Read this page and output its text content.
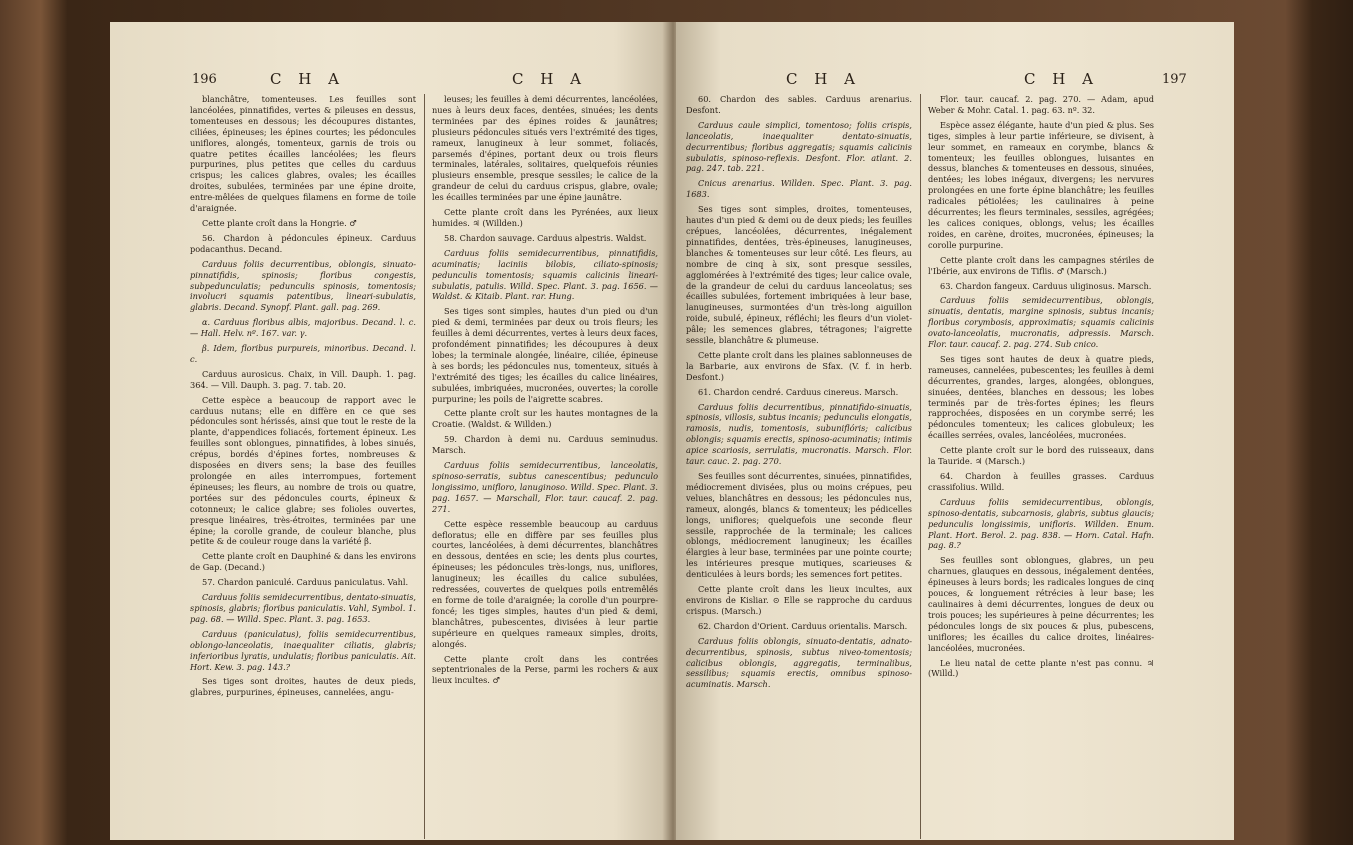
196	C H A	C H A

blanchâtre, tomenteuses. Les feuilles sont lancéolées, pinnatifides, vertes & pileuses en dessus, tomenteuses en dessous; les découpures distantes, ciliées, épineuses; les épines courtes; les pédoncules uniflores, alongés, tomenteux, garnis de trois ou quatre petites écailles lancéolées; les fleurs purpurines, plus petites que celles du carduus crispus; les calices glabres, ovales; les écailles droites, subulées, terminées par une épine droite, entre-mêlées de quelques filamens en forme de toile d'araignée.

Cette plante croît dans la Hongrie. ♂

56. Chardon à pédoncules épineux. Carduus podacanthus. Decand.

Carduus foliis decurrentibus, oblongis, sinuato-pinnatifidis, spinosis; floribus congestis, subpedunculatis; pedunculis spinosis, tomentosis; involucri squamis patentibus, lineari-subulatis, glabris. Decand. Synopf. Plant. gall. pag. 269.

α. Carduus floribus albis, majoribus. Decand. l. c. — Hall. Helv. nº. 167. var. γ.

β. Idem, floribus purpureis, minoribus. Decand. l. c.

Carduus aurosicus. Chaix, in Vill. Dauph. 1. pag. 364. — Vill. Dauph. 3. pag. 7. tab. 20.

Cette espèce a beaucoup de rapport avec le carduus nutans; elle en diffère en ce que ses pédoncules sont hérissés, ainsi que tout le reste de la plante, d'appendices foliacés, fortement épineux. Les feuilles sont oblongues, pinnatifides, à lobes sinués, crépus, bordés d'épines fortes, nombreuses & disposées en divers sens; la base des feuilles prolongée en ailes interrompues, fortement épineuses; les fleurs, au nombre de trois ou quatre, portées sur des pédoncules courts, épineux & cotonneux; le calice glabre; ses folioles ouvertes, presque linéaires, très-étroites, terminées par une épine; la corolle grande, de couleur blanche, plus petite & de couleur rouge dans la variété β.

Cette plante croît en Dauphiné & dans les environs de Gap. (Decand.)

57. Chardon paniculé. Carduus paniculatus. Vahl.

Carduus foliis semidecurrentibus, dentato-sinuatis, spinosis, glabris; floribus paniculatis. Vahl, Symbol. 1. pag. 68. — Willd. Spec. Plant. 3. pag. 1653.

Carduus (paniculatus), foliis semidecurrentibus, oblongo-lanceolatis, inaequaliter ciliatis, glabris; inferioribus lyratis, undulatis; floribus paniculatis. Ait. Hort. Kew. 3. pag. 143.?

Ses tiges sont droites, hautes de deux pieds, glabres, purpurines, épineuses, cannelées, angu-

leuses; les feuilles à demi décurrentes, lancéolées, nues à leurs deux faces, dentées, sinuées; les dents terminées par des épines roides & jaunâtres; plusieurs pédoncules situés vers l'extrémité des tiges, rameux, lanugineux à leur sommet, foliacés, parsemés d'épines, portant deux ou trois fleurs terminales, latérales, solitaires, quelquefois réunies plusieurs ensemble, presque sessiles; le calice de la grandeur de celui du carduus crispus, glabre, ovale; les écailles terminées par une épine jaunâtre.

Cette plante croît dans les Pyrénées, aux lieux humides. ♃ (Willden.)

58. Chardon sauvage. Carduus alpestris. Waldst.

Carduus foliis semidecurrentibus, pinnatifidis, acuminatis; laciniis bilobis, ciliato-spinosis; pedunculis tomentosis; squamis calicinis lineari-subulatis, patulis. Willd. Spec. Plant. 3. pag. 1656. — Waldst. & Kitaib. Plant. rar. Hung.

Ses tiges sont simples, hautes d'un pied ou d'un pied & demi, terminées par deux ou trois fleurs; les feuilles à demi décurrentes, vertes à leurs deux faces, profondément pinnatifides; les découpures à deux lobes; la terminale alongée, linéaire, ciliée, épineuse à ses bords; les pédoncules nus, tomenteux, situés à l'extrémité des tiges; les écailles du calice linéaires, subulées, imbriquées, mucronées, ouvertes; la corolle purpurine; les poils de l'aigrette scabres.

Cette plante croît sur les hautes montagnes de la Croatie. (Waldst. & Willden.)

59. Chardon à demi nu. Carduus seminudus. Marsch.

Carduus foliis semidecurrentibus, lanceolatis, spinoso-serratis, subtus canescentibus; pedunculo longissimo, unifloro, lanuginoso. Willd. Spec. Plant. 3. pag. 1657. — Marschall, Flor. taur. caucaf. 2. pag. 271.

Cette espèce ressemble beaucoup au carduus defloratus; elle en diffère par ses feuilles plus courtes, lancéolées, à demi décurrentes, blanchâtres en dessous, dentées en scie; les dents plus courtes, épineuses; les pédoncules très-longs, nus, uniflores, lanugineux; les écailles du calice subulées, redressées, couvertes de quelques poils entremêlés en forme de toile d'araignée; la corolle d'un pourpre-foncé; les tiges simples, hautes d'un pied & demi, blanchâtres, pubescentes, divisées à leur partie supérieure en quelques rameaux simples, droits, alongés.

Cette plante croît dans les contrées septentrionales de la Perse, parmi les rochers & aux lieux incultes. ♂

C H A	C H A	197

60. Chardon des sables. Carduus arenarius. Desfont.

Carduus caule simplici, tomentoso; foliis crispis, lanceolatis, inaequaliter dentato-sinuatis, decurrentibus; floribus aggregatis; squamis calicinis subulatis, spinoso-reflexis. Desfont. Flor. atlant. 2. pag. 247. tab. 221.

Cnicus arenarius. Willden. Spec. Plant. 3. pag. 1683.

Ses tiges sont simples, droites, tomenteuses, hautes d'un pied & demi ou de deux pieds; les feuilles crépues, lancéolées, décurrentes, inégalement pinnatifides, dentées, très-épineuses, lanugineuses, blanches & tomenteuses sur leur côté. Les fleurs, au nombre de cinq à six, sont presque sessiles, agglomérées à l'extrémité des tiges; leur calice ovale, de la grandeur de celui du carduus lanceolatus; ses écailles subulées, fortement imbriquées à leur base, lanugineuses, surmontées d'un très-long aiguillon roide, subulé, épineux, réfléchi; les fleurs d'un violet-pâle; les semences glabres, tétragones; l'aigrette sessile, blanchâtre & plumeuse.

Cette plante croît dans les plaines sablonneuses de la Barbarie, aux environs de Sfax. (V. f. in herb. Desfont.)

61. Chardon cendré. Carduus cinereus. Marsch.

Carduus foliis decurrentibus, pinnatifido-sinuatis, spinosis, villosis, subtus incanis; pedunculis elongatis, ramosis, nudis, tomentosis, subuniflóris; calicibus oblongis; squamis erectis, spinoso-acuminatis; intimis apice scariosis, serrulatis, mucronatis. Marsch. Flor. taur. cauc. 2. pag. 270.

Ses feuilles sont décurrentes, sinuées, pinnatifides, médiocrement divisées, plus ou moins crépues, peu velues, blanchâtres en dessous; les pédoncules nus, rameux, alongés, blancs & tomenteux; les pédicelles longs, uniflores; quelquefois une seconde fleur sessile, rapprochée de la terminale; les calices oblongs, médiocrement lanugineux; les écailles élargies à leur base, terminées par une pointe courte; les intérieures presque mutiques, scarieuses & denticulées à leurs bords; les semences fort petites.

Cette plante croît dans les lieux incultes, aux environs de Kisliar. ⊙ Elle se rapproche du carduus crispus. (Marsch.)

62. Chardon d'Orient. Carduus orientalis. Marsch.

Carduus foliis oblongis, sinuato-dentatis, adnato-decurrentibus, spinosis, subtus niveo-tomentosis; calicibus oblongis, aggregatis, terminalibus, sessilibus; squamis erectis, omnibus spinoso-acuminatis. Marsch.

Flor. taur. caucaf. 2. pag. 270. — Adam, apud Weber & Mohr. Catal. 1. pag. 63. nº. 32.

Espèce assez élégante, haute d'un pied & plus. Ses tiges, simples à leur partie inférieure, se divisent, à leur sommet, en rameaux en corymbe, blancs & tomenteux; les feuilles oblongues, luisantes en dessus, blanches & tomenteuses en dessous, sinuées, dentées; les lobes inégaux, divergens; les nervures prolongées en une forte épine blanchâtre; les feuilles radicales pétiolées; les caulinaires à peine décurrentes; les fleurs terminales, sessiles, agrégées; les calices coniques, oblongs, velus; les écailles roides, en carène, droites, mucronées, épineuses; la corolle purpurine.

Cette plante croît dans les campagnes stériles de l'Ibérie, aux environs de Tiflis. ♂ (Marsch.)

63. Chardon fangeux. Carduus uliginosus. Marsch.

Carduus foliis semidecurrentibus, oblongis, sinuatis, dentatis, margine spinosis, subtus incanis; floribus corymbosis, approximatis; squamis calicinis ovato-lanceolatis, mucronatis, adpressis. Marsch. Flor. taur. caucaf. 2. pag. 274. Sub cnico.

Ses tiges sont hautes de deux à quatre pieds, rameuses, cannelées, pubescentes; les feuilles à demi décurrentes, grandes, larges, alongées, oblongues, sinuées, dentées, blanches en dessous; les lobes terminés par de très-fortes épines; les fleurs rapprochées, disposées en un corymbe serré; les pédoncules tomenteux; les calices globuleux; les écailles serrées, ovales, lancéolées, mucronées.

Cette plante croît sur le bord des ruisseaux, dans la Tauride. ♃ (Marsch.)

64. Chardon à feuilles grasses. Carduus crassifolius. Willd.

Carduus foliis semidecurrentibus, oblongis, spinoso-dentatis, subcarnosis, glabris, subtus glaucis; pedunculis longissimis, unifloris. Willden. Enum. Plant. Hort. Berol. 2. pag. 838. — Horn. Catal. Hafn. pag. 8.?

Ses feuilles sont oblongues, glabres, un peu charnues, glauques en dessous, inégalement dentées, épineuses à leurs bords; les radicales longues de cinq pouces, & longuement rétrécies à leur base; les caulinaires à demi décurrentes, longues de deux ou trois pouces; les supérieures à peine décurrentes; les pédoncules longs de six pouces & plus, pubescens, uniflores; les écailles du calice droites, linéaires-lancéolées, mucronées.

Le lieu natal de cette plante n'est pas connu. ♃ (Willd.)
